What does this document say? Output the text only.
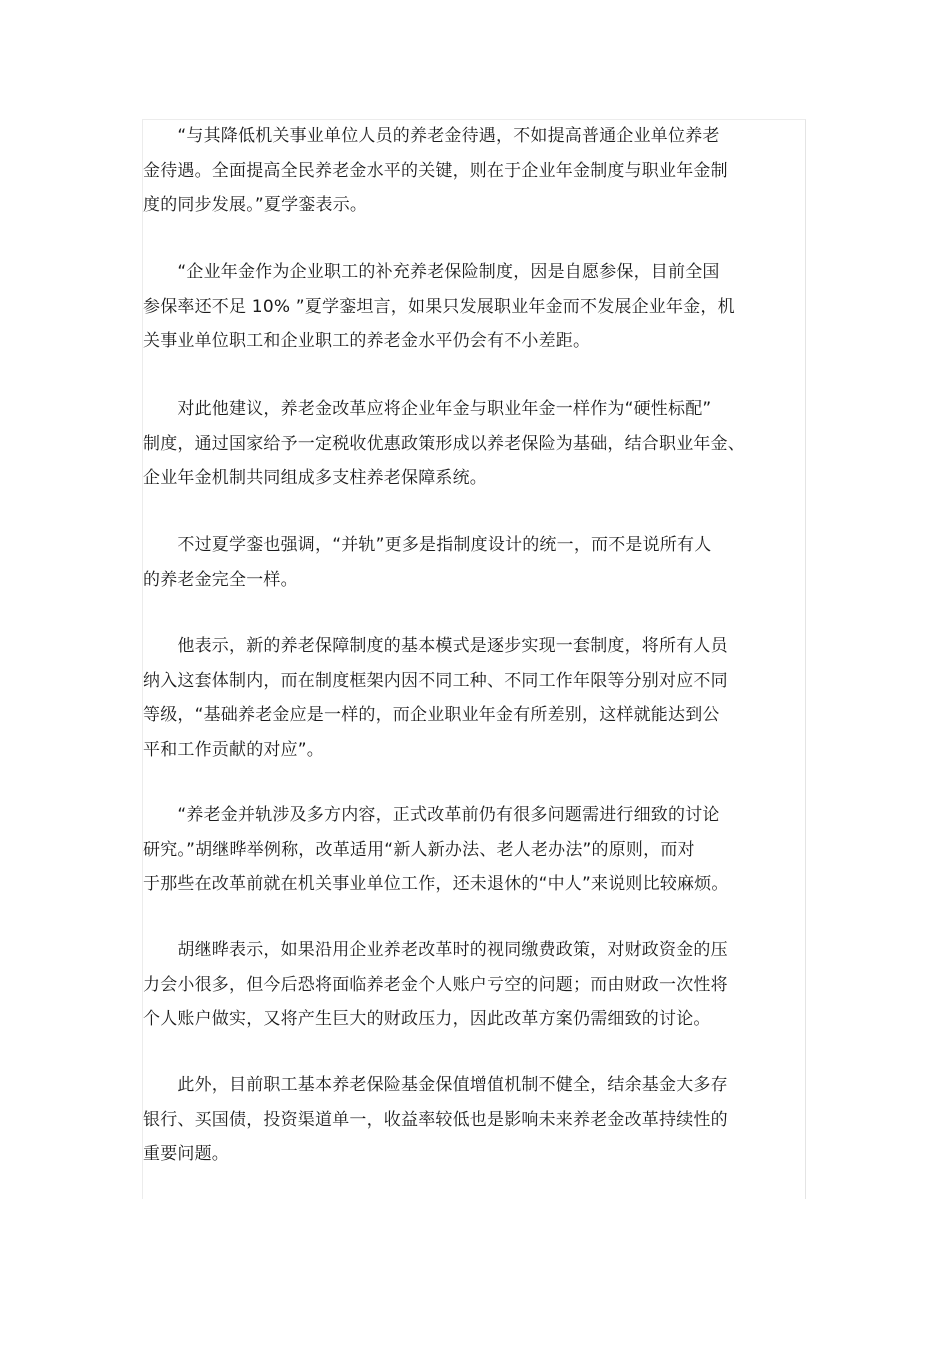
　　“与其降低机关事业单位人员的养老金待遇，不如提高普通企业单位养老
金待遇。全面提高全民养老金水平的关键，则在于企业年金制度与职业年金制
度的同步发展。”夏学銮表示。
　　“企业年金作为企业职工的补充养老保险制度，因是自愿参保，目前全国
参保率还不足 10% ”夏学銮坦言，如果只发展职业年金而不发展企业年金，机
关事业单位职工和企业职工的养老金水平仍会有不小差距。
　　对此他建议，养老金改革应将企业年金与职业年金一样作为“硬性标配”
制度，通过国家给予一定税收优惠政策形成以养老保险为基础，结合职业年金、
企业年金机制共同组成多支柱养老保障系统。
　　不过夏学銮也强调，“并轨”更多是指制度设计的统一，而不是说所有人
的养老金完全一样。
　　他表示，新的养老保障制度的基本模式是逐步实现一套制度，将所有人员
纳入这套体制内，而在制度框架内因不同工种、不同工作年限等分别对应不同
等级，“基础养老金应是一样的，而企业职业年金有所差别，这样就能达到公
平和工作贡献的对应”。
　　“养老金并轨涉及多方内容，正式改革前仍有很多问题需进行细致的讨论
研究。”胡继晔举例称，改革适用“新人新办法、老人老办法”的原则，而对
于那些在改革前就在机关事业单位工作，还未退休的“中人”来说则比较麻烦。
　　胡继晔表示，如果沿用企业养老改革时的视同缴费政策，对财政资金的压
力会小很多，但今后恐将面临养老金个人账户亏空的问题；而由财政一次性将
个人账户做实，又将产生巨大的财政压力，因此改革方案仍需细致的讨论。
　　此外，目前职工基本养老保险基金保值增值机制不健全，结余基金大多存
银行、买国债，投资渠道单一，收益率较低也是影响未来养老金改革持续性的
重要问题。
